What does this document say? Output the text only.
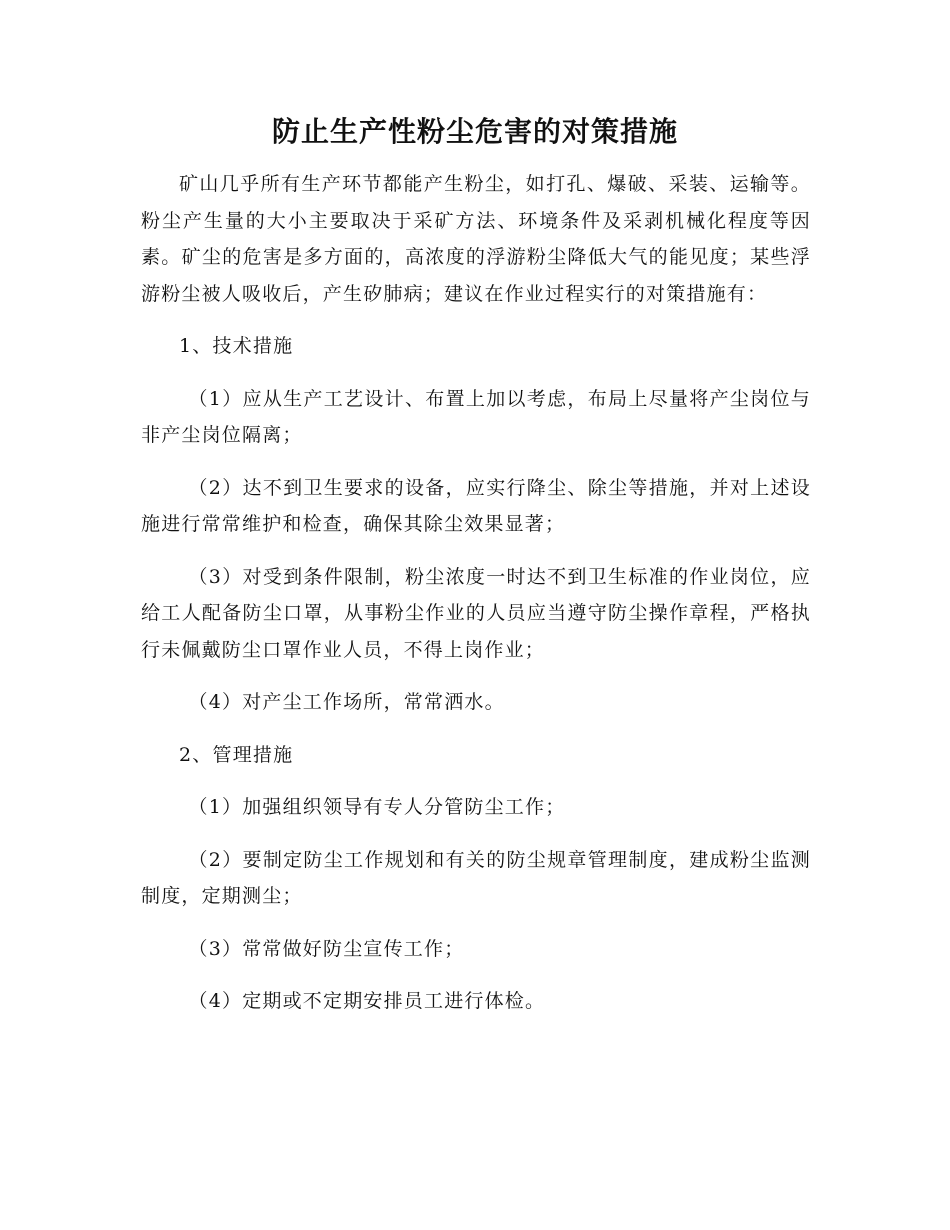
防止生产性粉尘危害的对策措施

矿山几乎所有生产环节都能产生粉尘，如打孔、爆破、采装、运输等。粉尘产生量的大小主要取决于采矿方法、环境条件及采剥机械化程度等因素。矿尘的危害是多方面的，高浓度的浮游粉尘降低大气的能见度；某些浮游粉尘被人吸收后，产生矽肺病；建议在作业过程实行的对策措施有：

1、技术措施

（1）应从生产工艺设计、布置上加以考虑，布局上尽量将产尘岗位与非产尘岗位隔离；

（2）达不到卫生要求的设备，应实行降尘、除尘等措施，并对上述设施进行常常维护和检查，确保其除尘效果显著；

（3）对受到条件限制，粉尘浓度一时达不到卫生标准的作业岗位，应给工人配备防尘口罩，从事粉尘作业的人员应当遵守防尘操作章程，严格执行未佩戴防尘口罩作业人员，不得上岗作业；

（4）对产尘工作场所，常常洒水。

2、管理措施

（1）加强组织领导有专人分管防尘工作；

（2）要制定防尘工作规划和有关的防尘规章管理制度，建成粉尘监测制度，定期测尘；

（3）常常做好防尘宣传工作；

（4）定期或不定期安排员工进行体检。
